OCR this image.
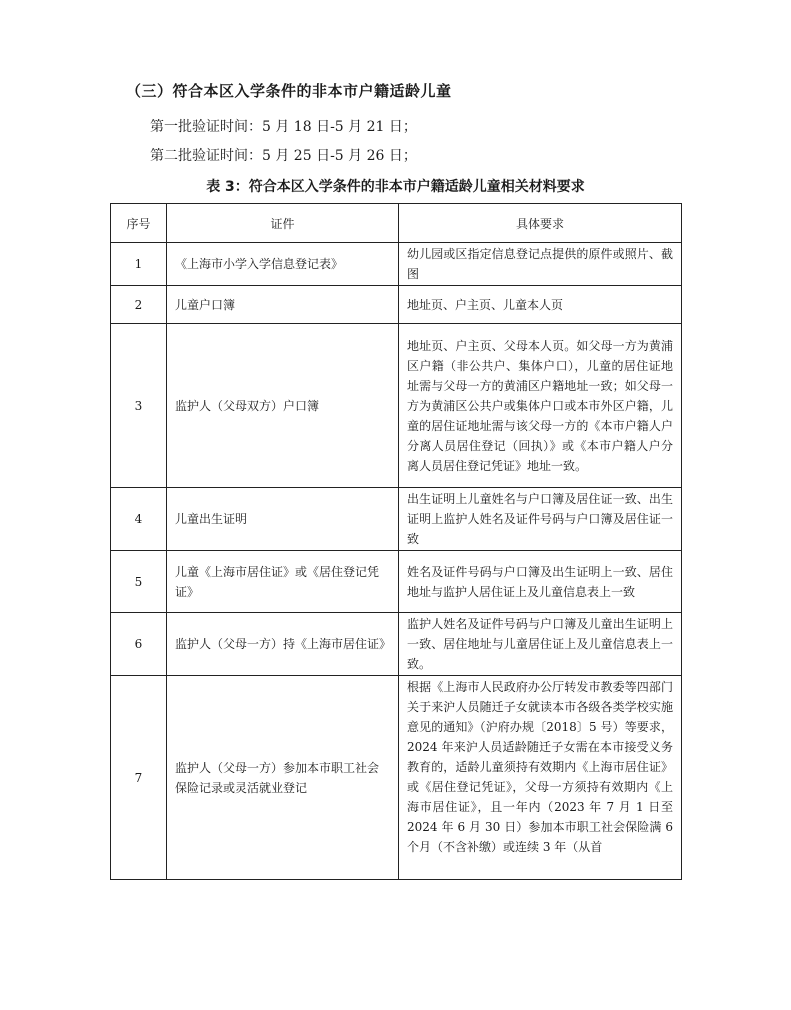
（三）符合本区入学条件的非本市户籍适龄儿童
第一批验证时间：5 月 18 日-5 月 21 日；
第二批验证时间：5 月 25 日-5 月 26 日；
表 3：符合本区入学条件的非本市户籍适龄儿童相关材料要求
序号	证件	具体要求
1	《上海市小学入学信息登记表》	幼儿园或区指定信息登记点提供的原件或照片、截图
2	儿童户口簿	地址页、户主页、儿童本人页
3	监护人（父母双方）户口簿	地址页、户主页、父母本人页。如父母一方为黄浦区户籍（非公共户、集体户口），儿童的居住证地址需与父母一方的黄浦区户籍地址一致；如父母一方为黄浦区公共户或集体户口或本市外区户籍，儿童的居住证地址需与该父母一方的《本市户籍人户分离人员居住登记（回执）》或《本市户籍人户分离人员居住登记凭证》地址一致。
4	儿童出生证明	出生证明上儿童姓名与户口簿及居住证一致、出生证明上监护人姓名及证件号码与户口簿及居住证一致
5	儿童《上海市居住证》或《居住登记凭证》	姓名及证件号码与户口簿及出生证明上一致、居住地址与监护人居住证上及儿童信息表上一致
6	监护人（父母一方）持《上海市居住证》	监护人姓名及证件号码与户口簿及儿童出生证明上一致、居住地址与儿童居住证上及儿童信息表上一致。
7	监护人（父母一方）参加本市职工社会保险记录或灵活就业登记	根据《上海市人民政府办公厅转发市教委等四部门关于来沪人员随迁子女就读本市各级各类学校实施意见的通知》（沪府办规〔2018〕5 号）等要求，2024 年来沪人员适龄随迁子女需在本市接受义务教育的，适龄儿童须持有效期内《上海市居住证》或《居住登记凭证》，父母一方须持有效期内《上海市居住证》，且一年内（2023 年 7 月 1 日至 2024 年 6 月 30 日）参加本市职工社会保险满 6 个月（不含补缴）或连续 3 年（从首
